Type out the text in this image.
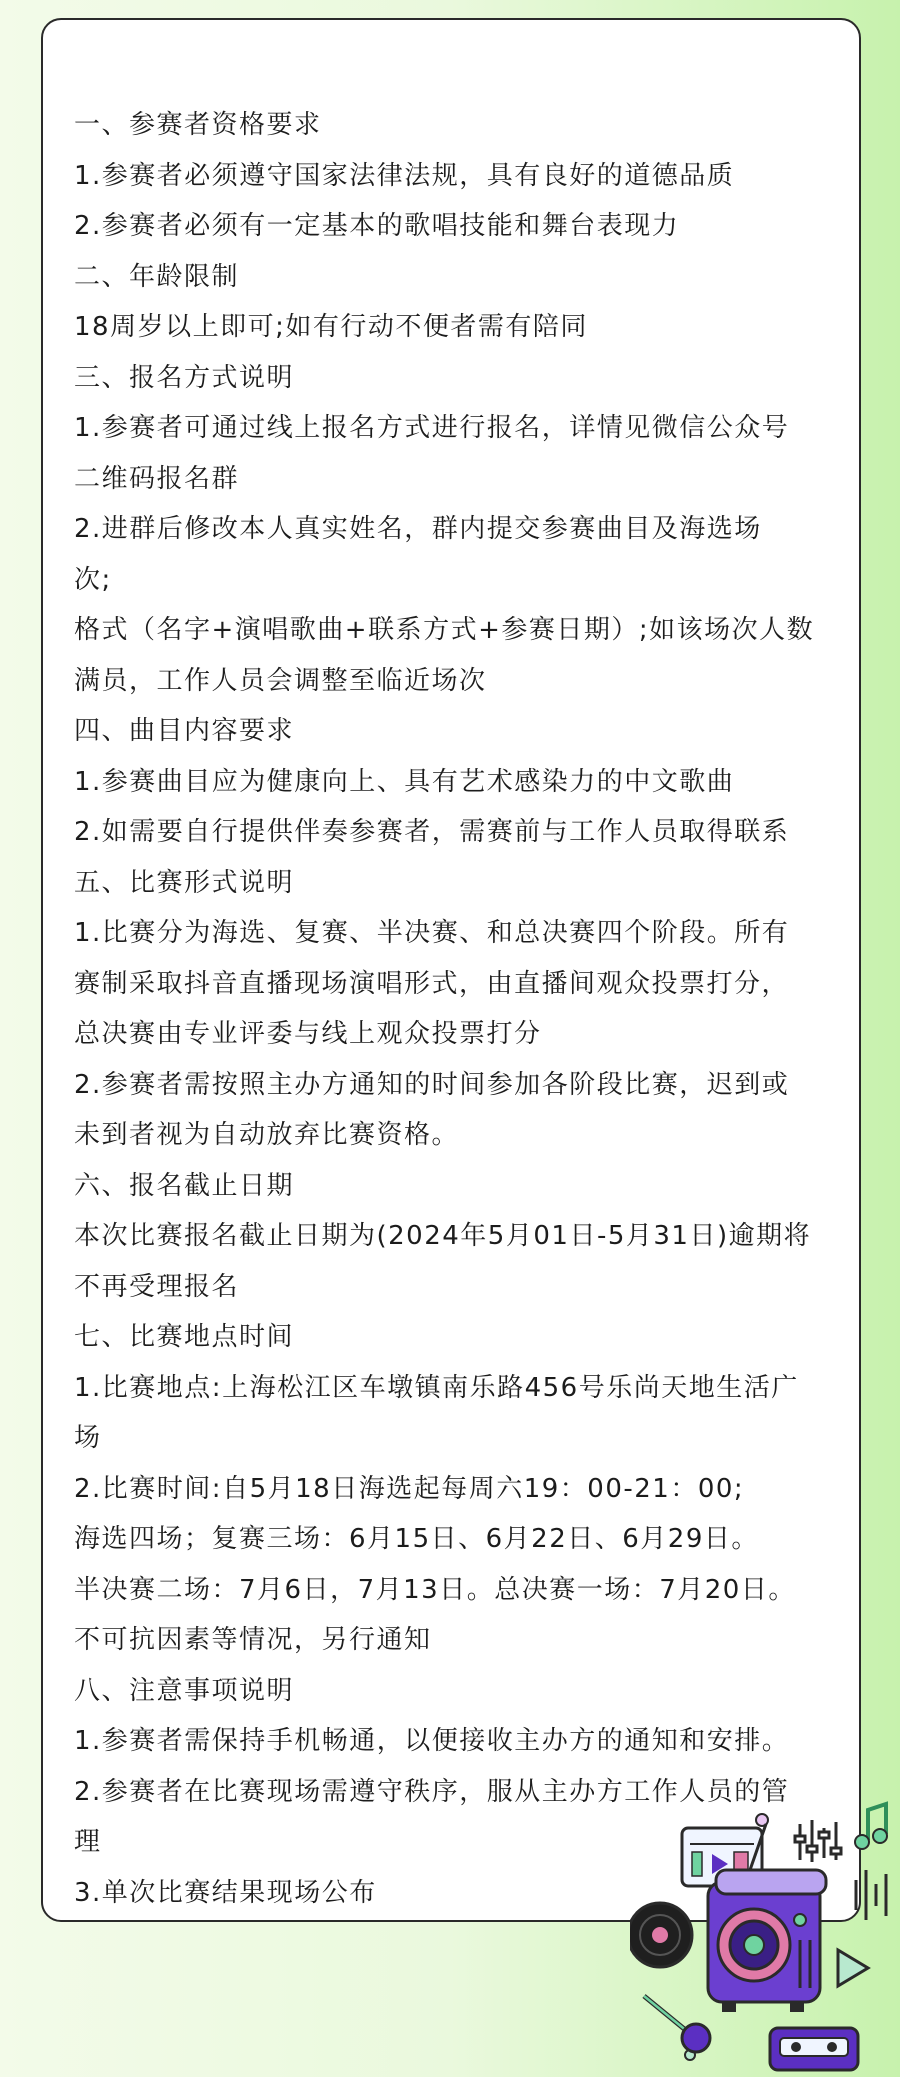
一、参赛者资格要求
1.参赛者必须遵守国家法律法规，具有良好的道德品质
2.参赛者必须有一定基本的歌唱技能和舞台表现力
二、年龄限制
18周岁以上即可;如有行动不便者需有陪同
三、报名方式说明
1.参赛者可通过线上报名方式进行报名，详情见微信公众号
二维码报名群
2.进群后修改本人真实姓名，群内提交参赛曲目及海选场
次;
格式（名字+演唱歌曲+联系方式+参赛日期）;如该场次人数
满员，工作人员会调整至临近场次
四、曲目内容要求
1.参赛曲目应为健康向上、具有艺术感染力的中文歌曲
2.如需要自行提供伴奏参赛者，需赛前与工作人员取得联系
五、比赛形式说明
1.比赛分为海选、复赛、半决赛、和总决赛四个阶段。所有
赛制采取抖音直播现场演唱形式，由直播间观众投票打分，
总决赛由专业评委与线上观众投票打分
2.参赛者需按照主办方通知的时间参加各阶段比赛，迟到或
未到者视为自动放弃比赛资格。
六、报名截止日期
本次比赛报名截止日期为(2024年5月01日-5月31日)逾期将
不再受理报名
七、比赛地点时间
1.比赛地点:上海松江区车墩镇南乐路456号乐尚天地生活广
场
2.比赛时间:自5月18日海选起每周六19：00-21：00;
海选四场；复赛三场：6月15日、6月22日、6月29日。
半决赛二场：7月6日，7月13日。总决赛一场：7月20日。
不可抗因素等情况，另行通知
八、注意事项说明
1.参赛者需保持手机畅通，以便接收主办方的通知和安排。
2.参赛者在比赛现场需遵守秩序，服从主办方工作人员的管
理
3.单次比赛结果现场公布
